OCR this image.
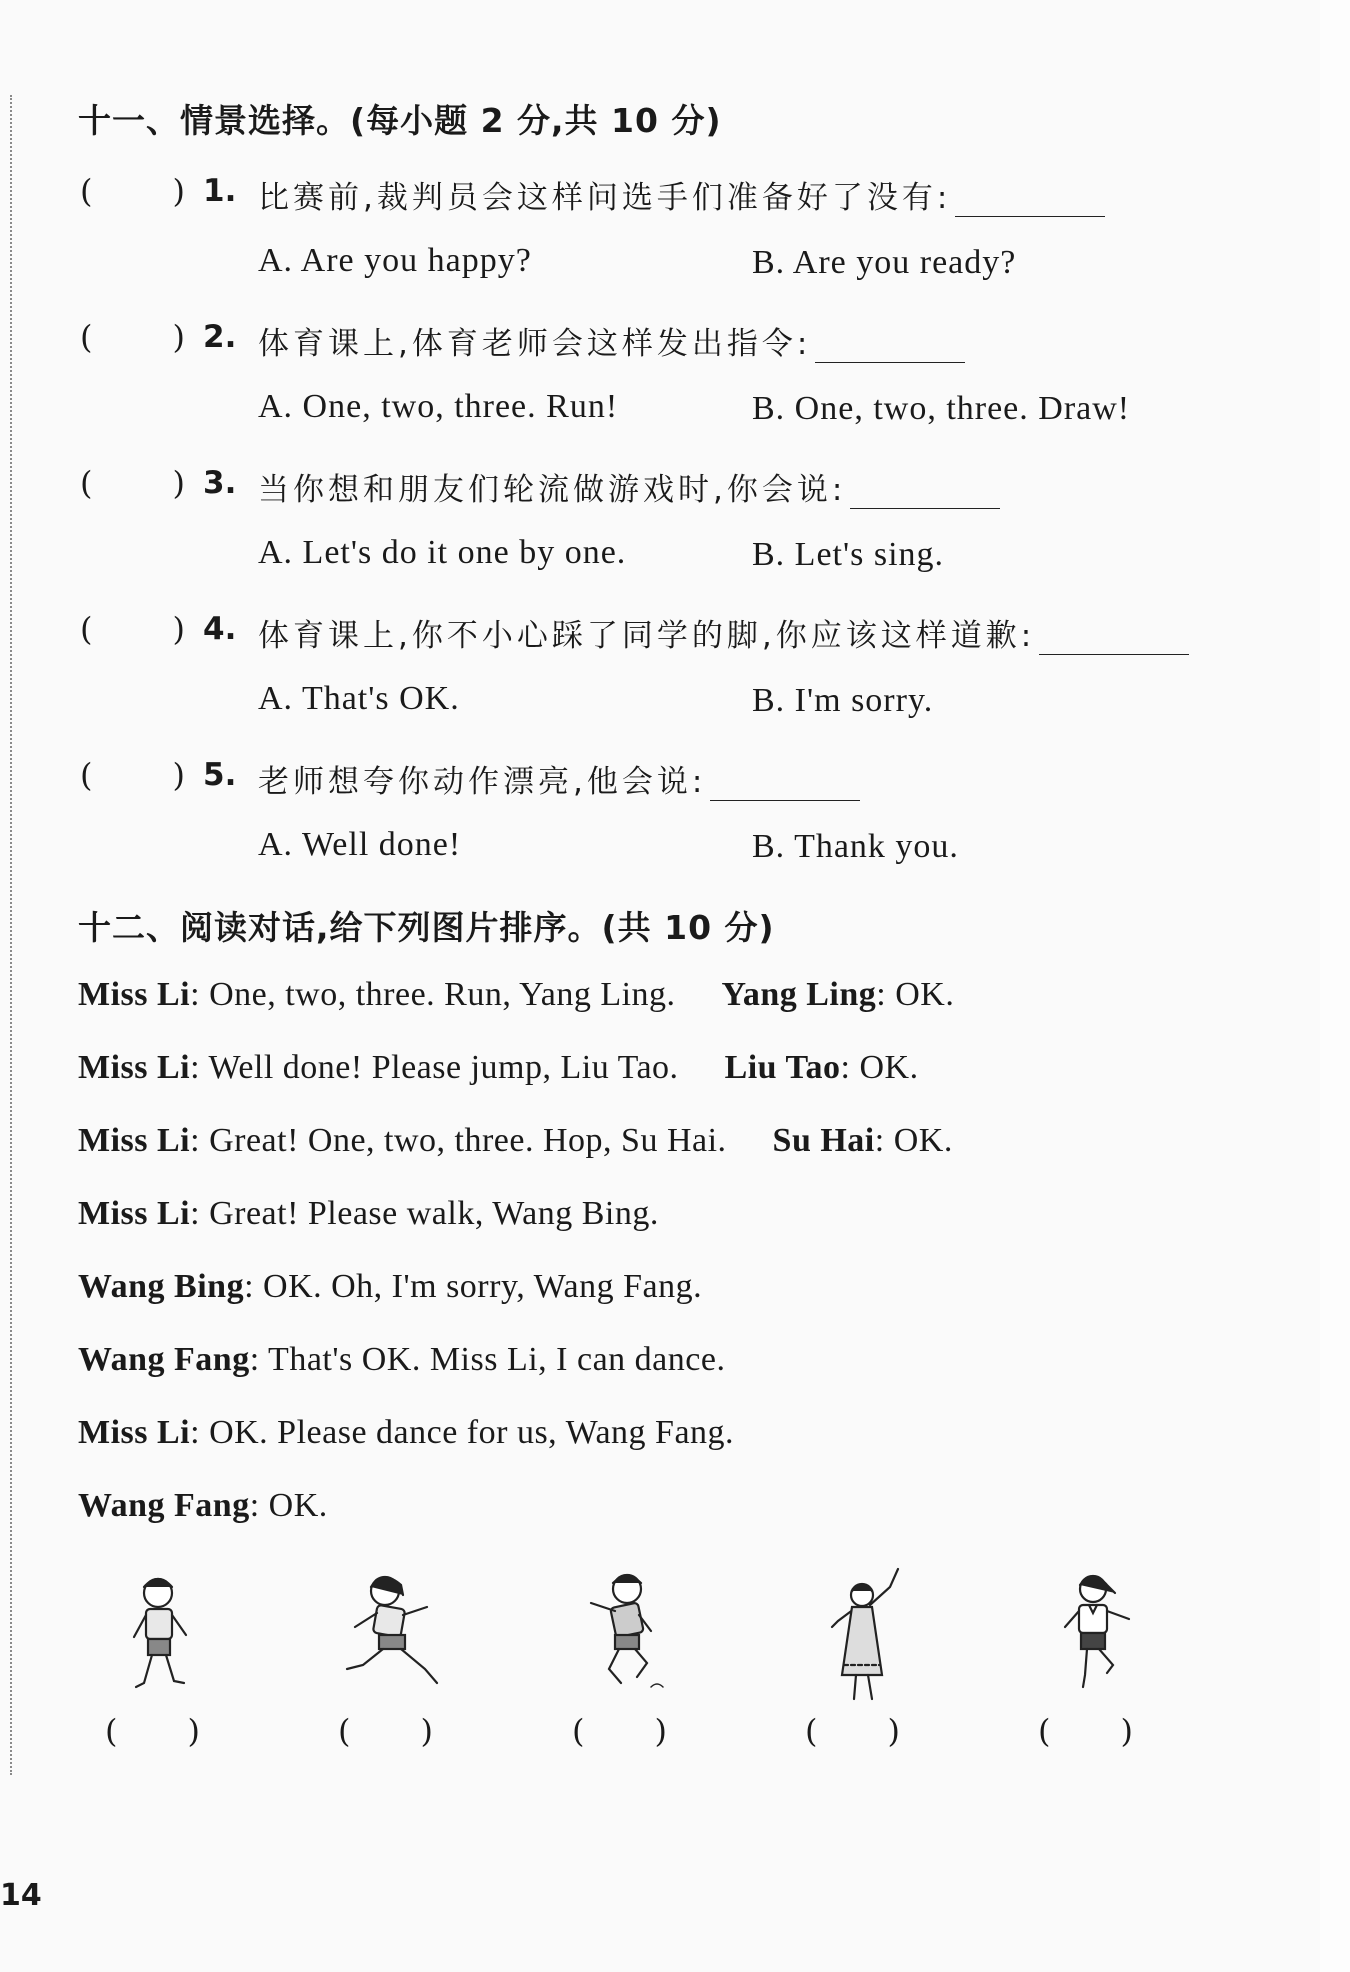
十一、情景选择。(每小题 2 分,共 10 分)
(	) 1. 比赛前,裁判员会这样问选手们准备好了没有:
A. Are you happy?	B. Are you ready?
(	) 2. 体育课上,体育老师会这样发出指令:
A. One, two, three. Run!	B. One, two, three. Draw!
(	) 3. 当你想和朋友们轮流做游戏时,你会说:
A. Let's do it one by one.	B. Let's sing.
(	) 4. 体育课上,你不小心踩了同学的脚,你应该这样道歉:
A. That's OK.	B. I'm sorry.
(	) 5. 老师想夸你动作漂亮,他会说:
A. Well done!	B. Thank you.
十二、阅读对话,给下列图片排序。(共 10 分)
Miss Li: One, two, three. Run, Yang Ling. Yang Ling: OK.
Miss Li: Well done! Please jump, Liu Tao. Liu Tao: OK.
Miss Li: Great! One, two, three. Hop, Su Hai. Su Hai: OK.
Miss Li: Great! Please walk, Wang Bing.
Wang Bing: OK. Oh, I'm sorry, Wang Fang.
Wang Fang: That's OK. Miss Li, I can dance.
Miss Li: OK. Please dance for us, Wang Fang.
Wang Fang: OK.
( )	( )	( )	( )	( )
14
